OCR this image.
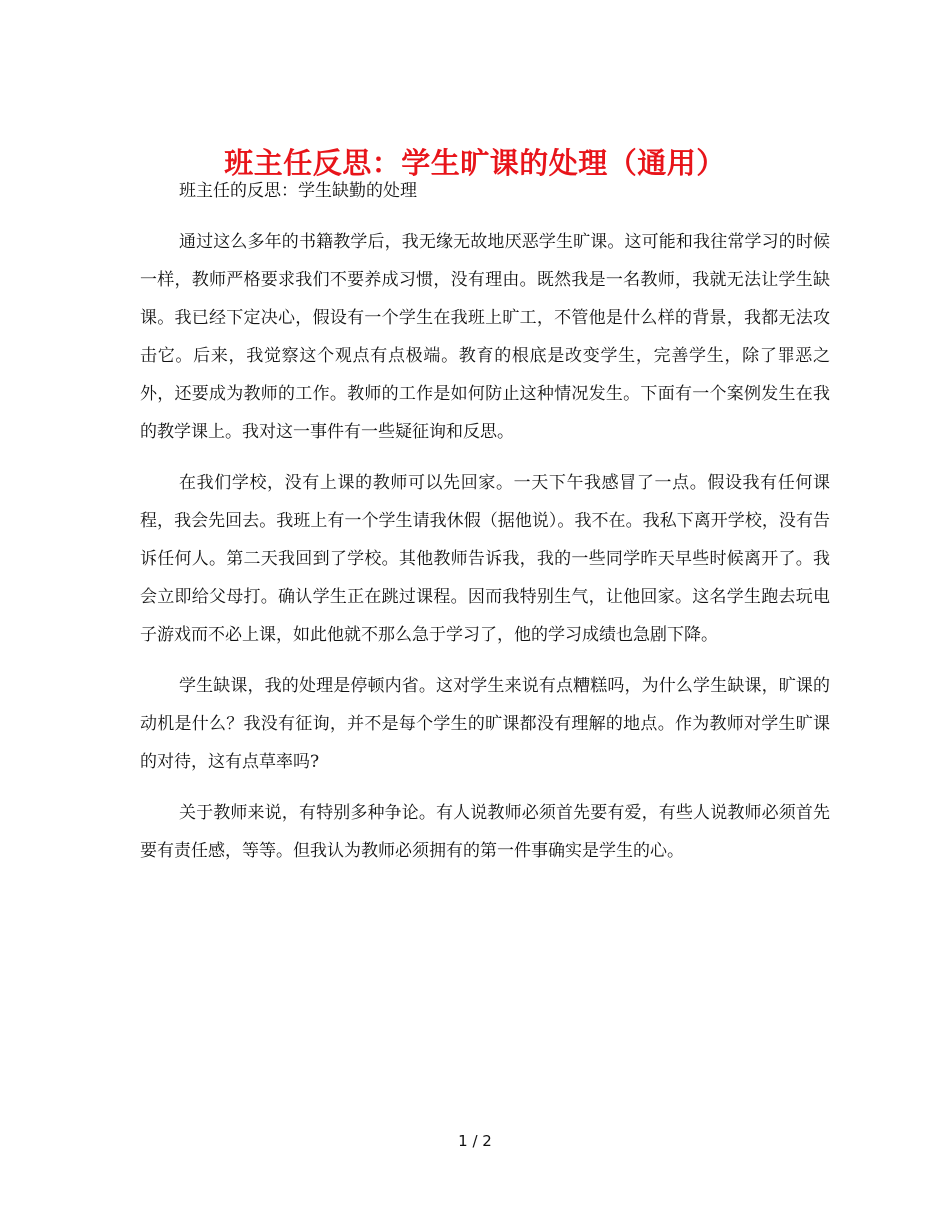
班主任反思：学生旷课的处理（通用）

班主任的反思：学生缺勤的处理

通过这么多年的书籍教学后，我无缘无故地厌恶学生旷课。这可能和我往常学习的时候一样，教师严格要求我们不要养成习惯，没有理由。既然我是一名教师，我就无法让学生缺课。我已经下定决心，假设有一个学生在我班上旷工，不管他是什么样的背景，我都无法攻击它。后来，我觉察这个观点有点极端。教育的根底是改变学生，完善学生，除了罪恶之外，还要成为教师的工作。教师的工作是如何防止这种情况发生。下面有一个案例发生在我的教学课上。我对这一事件有一些疑征询和反思。

在我们学校，没有上课的教师可以先回家。一天下午我感冒了一点。假设我有任何课程，我会先回去。我班上有一个学生请我休假（据他说）。我不在。我私下离开学校，没有告诉任何人。第二天我回到了学校。其他教师告诉我，我的一些同学昨天早些时候离开了。我会立即给父母打。确认学生正在跳过课程。因而我特别生气，让他回家。这名学生跑去玩电子游戏而不必上课，如此他就不那么急于学习了，他的学习成绩也急剧下降。

学生缺课，我的处理是停顿内省。这对学生来说有点糟糕吗，为什么学生缺课，旷课的动机是什么？我没有征询，并不是每个学生的旷课都没有理解的地点。作为教师对学生旷课的对待，这有点草率吗?

关于教师来说，有特别多种争论。有人说教师必须首先要有爱，有些人说教师必须首先要有责任感，等等。但我认为教师必须拥有的第一件事确实是学生的心。

1 / 2
